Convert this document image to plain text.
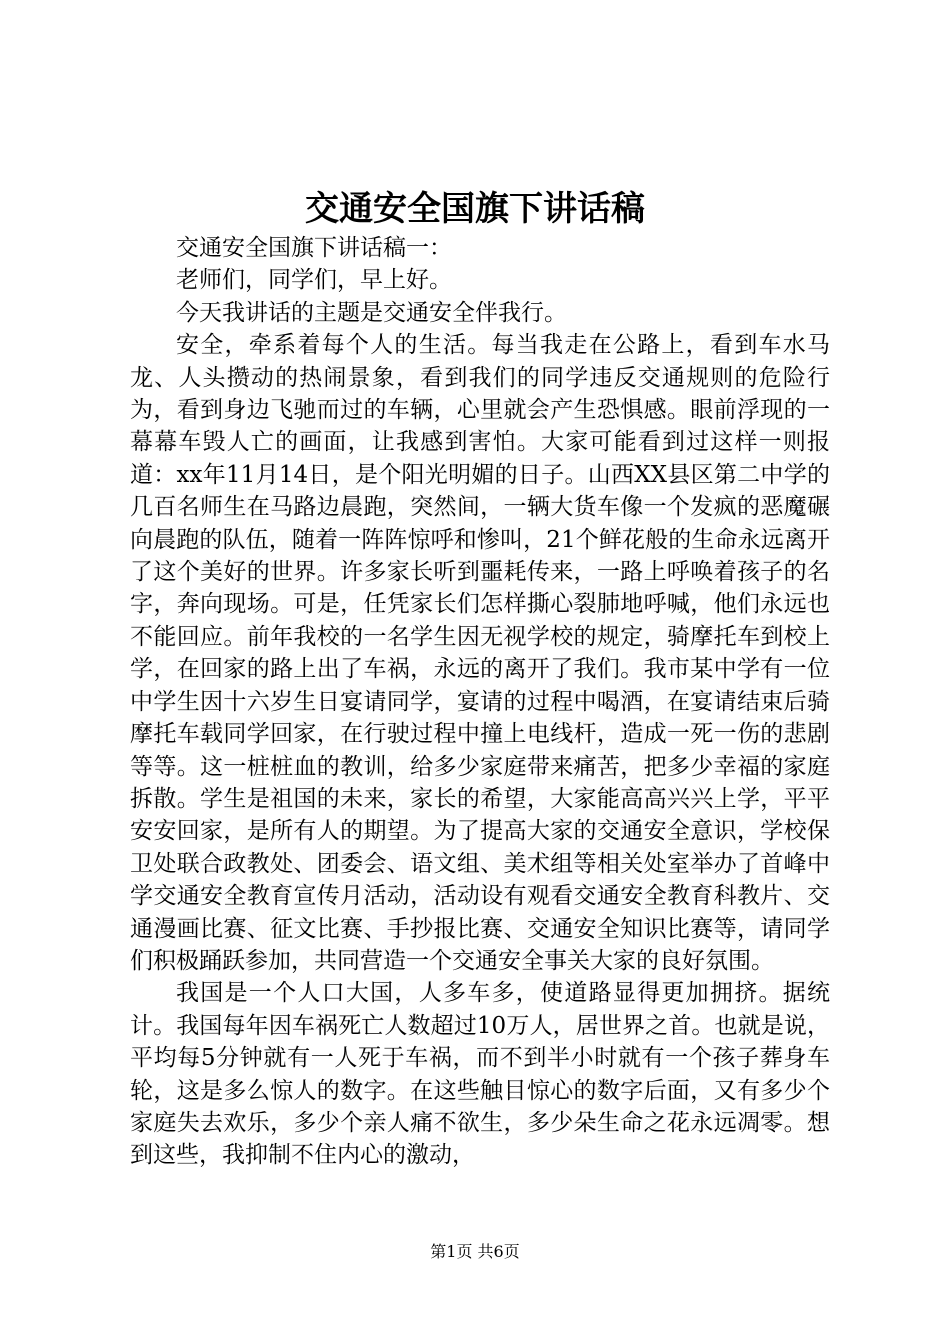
交通安全国旗下讲话稿

交通安全国旗下讲话稿一：

老师们，同学们，早上好。

今天我讲话的主题是交通安全伴我行。

安全，牵系着每个人的生活。每当我走在公路上，看到车水马龙、人头攒动的热闹景象，看到我们的同学违反交通规则的危险行为，看到身边飞驰而过的车辆，心里就会产生恐惧感。眼前浮现的一幕幕车毁人亡的画面，让我感到害怕。大家可能看到过这样一则报道：xx年11月14日，是个阳光明媚的日子。山西XX县区第二中学的几百名师生在马路边晨跑，突然间，一辆大货车像一个发疯的恶魔碾向晨跑的队伍，随着一阵阵惊呼和惨叫，21个鲜花般的生命永远离开了这个美好的世界。许多家长听到噩耗传来，一路上呼唤着孩子的名字，奔向现场。可是，任凭家长们怎样撕心裂肺地呼喊，他们永远也不能回应。前年我校的一名学生因无视学校的规定，骑摩托车到校上学，在回家的路上出了车祸，永远的离开了我们。我市某中学有一位中学生因十六岁生日宴请同学，宴请的过程中喝酒，在宴请结束后骑摩托车载同学回家，在行驶过程中撞上电线杆，造成一死一伤的悲剧等等。这一桩桩血的教训，给多少家庭带来痛苦，把多少幸福的家庭拆散。学生是祖国的未来，家长的希望，大家能高高兴兴上学，平平安安回家，是所有人的期望。为了提高大家的交通安全意识，学校保卫处联合政教处、团委会、语文组、美术组等相关处室举办了首峰中学交通安全教育宣传月活动，活动设有观看交通安全教育科教片、交通漫画比赛、征文比赛、手抄报比赛、交通安全知识比赛等，请同学们积极踊跃参加，共同营造一个交通安全事关大家的良好氛围。

我国是一个人口大国，人多车多，使道路显得更加拥挤。据统计。我国每年因车祸死亡人数超过10万人，居世界之首。也就是说，平均每5分钟就有一人死于车祸，而不到半小时就有一个孩子葬身车轮，这是多么惊人的数字。在这些触目惊心的数字后面，又有多少个家庭失去欢乐，多少个亲人痛不欲生，多少朵生命之花永远凋零。想到这些，我抑制不住内心的激动，

第1页 共6页
